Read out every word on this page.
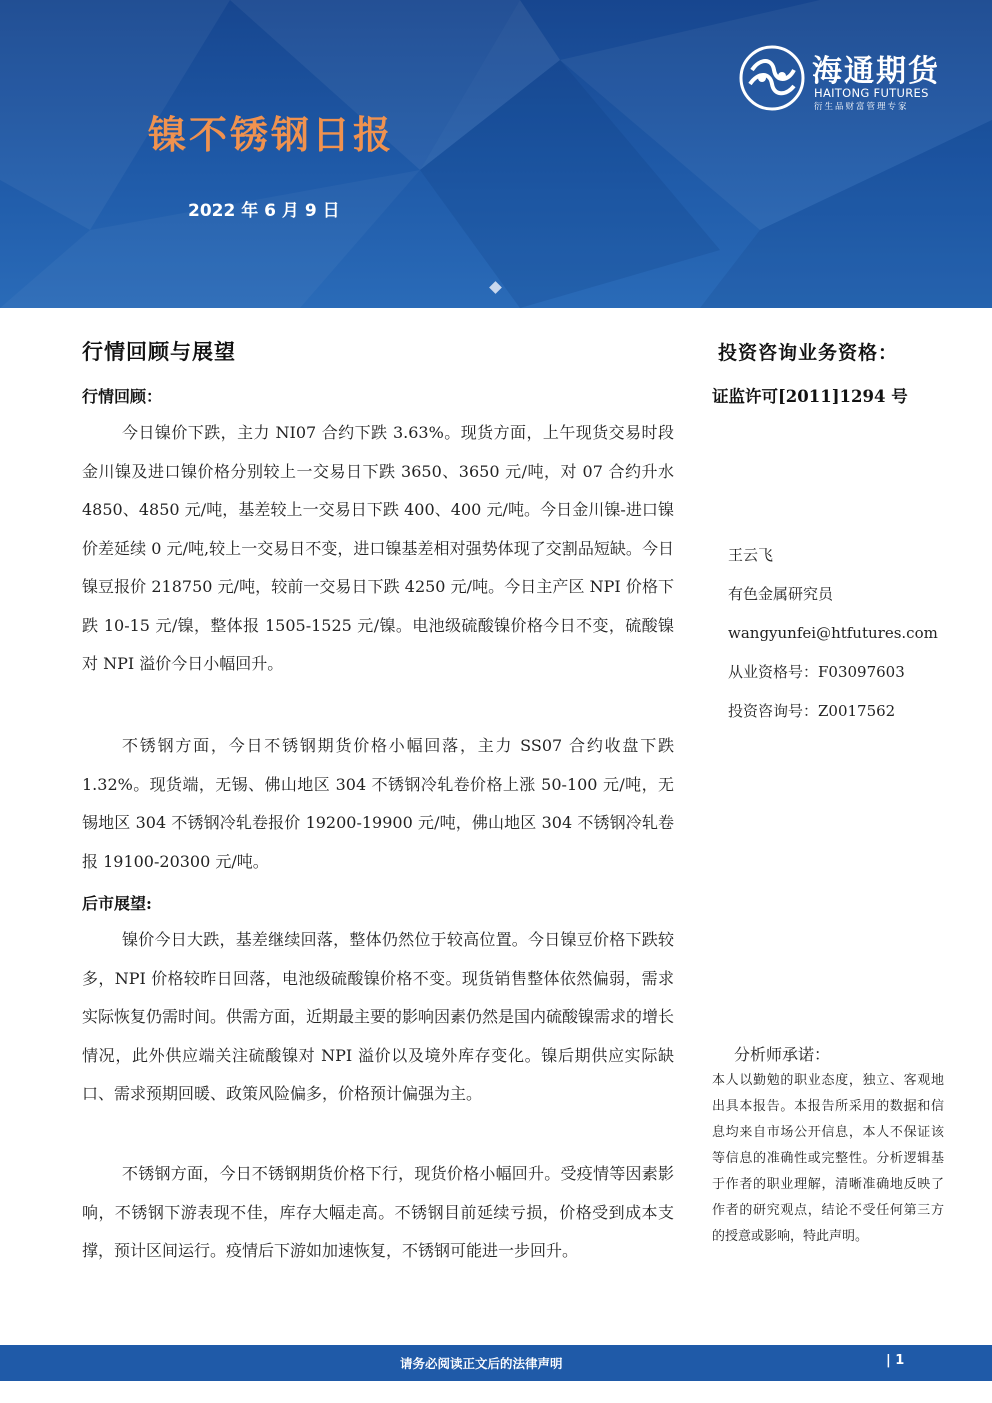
镍不锈钢日报
2022 年 6 月 9 日
海通期货
HAITONG FUTURES
衍生品财富管理专家
行情回顾与展望
行情回顾：
今日镍价下跌，主力 NI07 合约下跌 3.63%。现货方面，上午现货交易时段金川镍及进口镍价格分别较上一交易日下跌 3650、3650 元/吨，对 07 合约升水 4850、4850 元/吨，基差较上一交易日下跌 400、400 元/吨。今日金川镍-进口镍价差延续 0 元/吨,较上一交易日不变，进口镍基差相对强势体现了交割品短缺。今日镍豆报价 218750 元/吨，较前一交易日下跌 4250 元/吨。今日主产区 NPI 价格下跌 10-15 元/镍，整体报 1505-1525 元/镍。电池级硫酸镍价格今日不变，硫酸镍对 NPI 溢价今日小幅回升。
不锈钢方面，今日不锈钢期货价格小幅回落，主力 SS07 合约收盘下跌 1.32%。现货端，无锡、佛山地区 304 不锈钢冷轧卷价格上涨 50-100 元/吨，无锡地区 304 不锈钢冷轧卷报价 19200-19900 元/吨，佛山地区 304 不锈钢冷轧卷报 19100-20300 元/吨。
后市展望:
镍价今日大跌，基差继续回落，整体仍然位于较高位置。今日镍豆价格下跌较多，NPI 价格较昨日回落，电池级硫酸镍价格不变。现货销售整体依然偏弱，需求实际恢复仍需时间。供需方面，近期最主要的影响因素仍然是国内硫酸镍需求的增长情况，此外供应端关注硫酸镍对 NPI 溢价以及境外库存变化。镍后期供应实际缺口、需求预期回暖、政策风险偏多，价格预计偏强为主。
不锈钢方面，今日不锈钢期货价格下行，现货价格小幅回升。受疫情等因素影响，不锈钢下游表现不佳，库存大幅走高。不锈钢目前延续亏损，价格受到成本支撑，预计区间运行。疫情后下游如加速恢复，不锈钢可能进一步回升。
投资咨询业务资格：
证监许可[2011]1294 号
王云飞
有色金属研究员
wangyunfei@htfutures.com
从业资格号：F03097603
投资咨询号：Z0017562
分析师承诺：
本人以勤勉的职业态度，独立、客观地出具本报告。本报告所采用的数据和信息均来自市场公开信息，本人不保证该等信息的准确性或完整性。分析逻辑基于作者的职业理解，清晰准确地反映了作者的研究观点，结论不受任何第三方的授意或影响，特此声明。
请务必阅读正文后的法律声明	| 1
